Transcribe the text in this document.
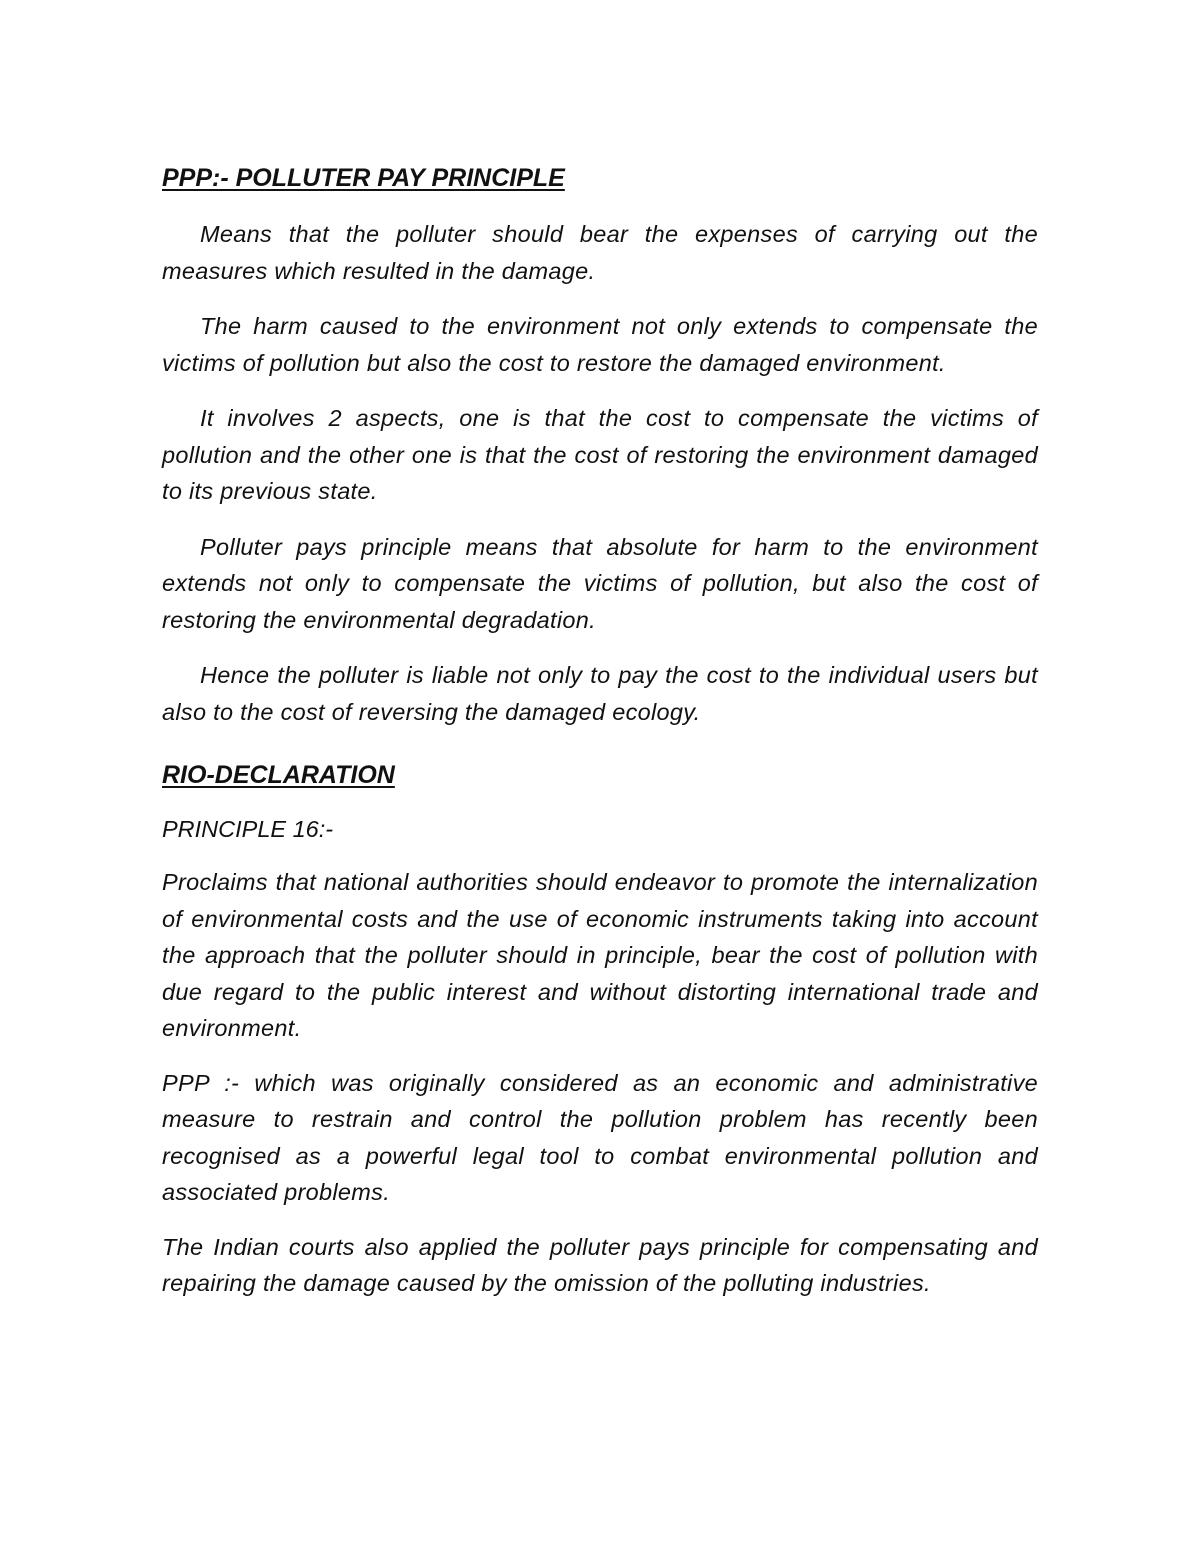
PPP:- POLLUTER PAY PRINCIPLE

Means that the polluter should bear the expenses of carrying out the measures which resulted in the damage.

The harm caused to the environment not only extends to compensate the victims of pollution but also the cost to restore the damaged environment.

It involves 2 aspects, one is that the cost to compensate the victims of pollution and the other one is that the cost of restoring the environment damaged to its previous state.

Polluter pays principle means that absolute for harm to the environment extends not only to compensate the victims of pollution, but also the cost of restoring the environmental degradation.

Hence the polluter is liable not only to pay the cost to the individual users but also to the cost of reversing the damaged ecology.

RIO-DECLARATION

PRINCIPLE 16:-

Proclaims that national authorities should endeavor to promote the internalization of environmental costs and the use of economic instruments taking into account the approach that the polluter should in principle, bear the cost of pollution with due regard to the public interest and without distorting international trade and environment.

PPP :- which was originally considered as an economic and administrative measure to restrain and control the pollution problem has recently been recognised as a powerful legal tool to combat environmental pollution and associated problems.

The Indian courts also applied the polluter pays principle for compensating and repairing the damage caused by the omission of the polluting industries.
